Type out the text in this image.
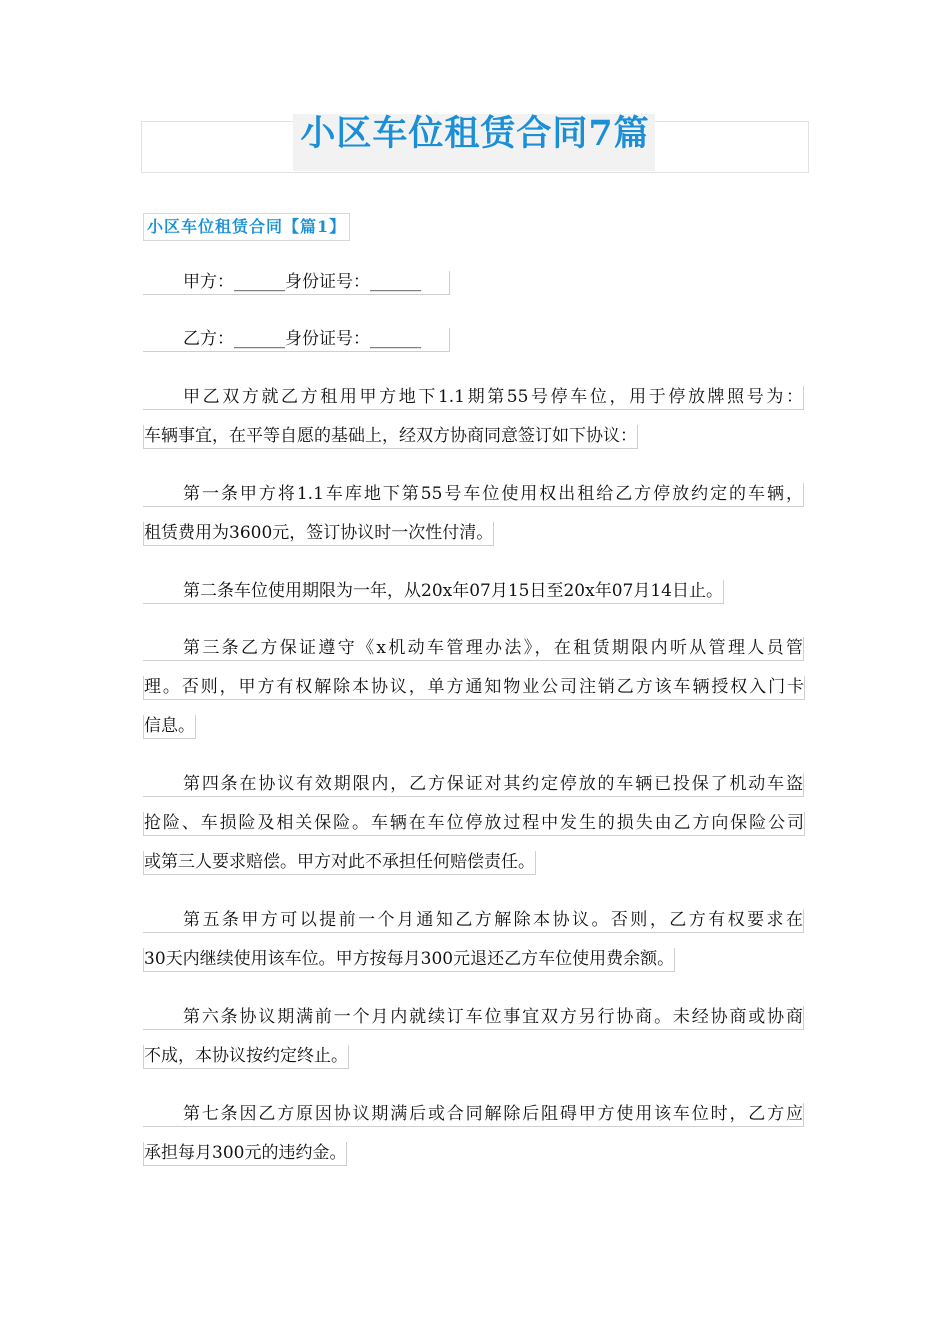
小区车位租赁合同7篇
小区车位租赁合同【篇1】
甲方：______身份证号：______
乙方：______身份证号：______
甲乙双方就乙方租用甲方地下1.1期第55号停车位，用于停放牌照号为：
车辆事宜，在平等自愿的基础上，经双方协商同意签订如下协议：
第一条甲方将1.1车库地下第55号车位使用权出租给乙方停放约定的车辆，
租赁费用为3600元，签订协议时一次性付清。
第二条车位使用期限为一年，从20x年07月15日至20x年07月14日止。
第三条乙方保证遵守《x机动车管理办法》，在租赁期限内听从管理人员管
理。否则，甲方有权解除本协议，单方通知物业公司注销乙方该车辆授权入门卡
信息。
第四条在协议有效期限内，乙方保证对其约定停放的车辆已投保了机动车盗
抢险、车损险及相关保险。车辆在车位停放过程中发生的损失由乙方向保险公司
或第三人要求赔偿。甲方对此不承担任何赔偿责任。
第五条甲方可以提前一个月通知乙方解除本协议。否则，乙方有权要求在
30天内继续使用该车位。甲方按每月300元退还乙方车位使用费余额。
第六条协议期满前一个月内就续订车位事宜双方另行协商。未经协商或协商
不成，本协议按约定终止。
第七条因乙方原因协议期满后或合同解除后阻碍甲方使用该车位时，乙方应
承担每月300元的违约金。
